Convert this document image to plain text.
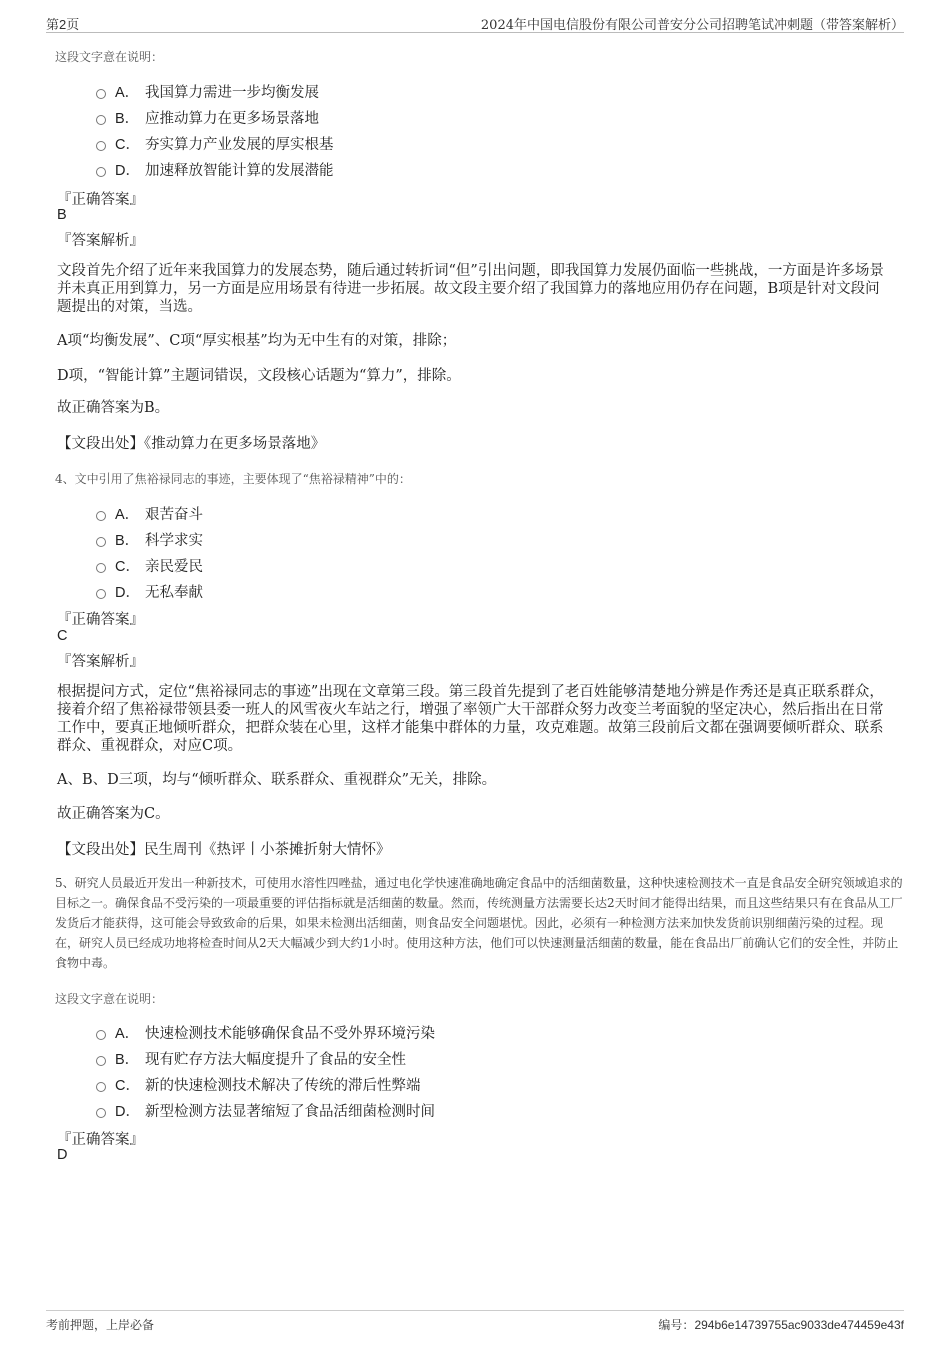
第2页	2024年中国电信股份有限公司普安分公司招聘笔试冲刺题（带答案解析）
这段文字意在说明：
A． 我国算力需进一步均衡发展
B． 应推动算力在更多场景落地
C． 夯实算力产业发展的厚实根基
D． 加速释放智能计算的发展潜能
『正确答案』
B
『答案解析』
文段首先介绍了近年来我国算力的发展态势，随后通过转折词“但”引出问题，即我国算力发展仍面临一些挑战，一方面是许多场景并未真正用到算力，另一方面是应用场景有待进一步拓展。故文段主要介绍了我国算力的落地应用仍存在问题，B项是针对文段问题提出的对策，当选。
A项“均衡发展”、C项“厚实根基”均为无中生有的对策，排除；
D项，“智能计算”主题词错误，文段核心话题为“算力”，排除。
故正确答案为B。
【文段出处】《推动算力在更多场景落地》
4、文中引用了焦裕禄同志的事迹，主要体现了“焦裕禄精神”中的：
A． 艰苦奋斗
B． 科学求实
C． 亲民爱民
D． 无私奉献
『正确答案』
C
『答案解析』
根据提问方式，定位“焦裕禄同志的事迹”出现在文章第三段。第三段首先提到了老百姓能够清楚地分辨是作秀还是真正联系群众，接着介绍了焦裕禄带领县委一班人的风雪夜火车站之行，增强了率领广大干部群众努力改变兰考面貌的坚定决心，然后指出在日常工作中，要真正地倾听群众，把群众装在心里，这样才能集中群体的力量，攻克难题。故第三段前后文都在强调要倾听群众、联系群众、重视群众，对应C项。
A、B、D三项，均与“倾听群众、联系群众、重视群众”无关，排除。
故正确答案为C。
【文段出处】民生周刊《热评丨小茶摊折射大情怀》
5、研究人员最近开发出一种新技术，可使用水溶性四唑盐，通过电化学快速准确地确定食品中的活细菌数量，这种快速检测技术一直是食品安全研究领域追求的目标之一。确保食品不受污染的一项最重要的评估指标就是活细菌的数量。然而，传统测量方法需要长达2天时间才能得出结果，而且这些结果只有在食品从工厂发货后才能获得，这可能会导致致命的后果，如果未检测出活细菌，则食品安全问题堪忧。因此，必须有一种检测方法来加快发货前识别细菌污染的过程。现在，研究人员已经成功地将检查时间从2天大幅减少到大约1小时。使用这种方法，他们可以快速测量活细菌的数量，能在食品出厂前确认它们的安全性，并防止食物中毒。
这段文字意在说明：
A． 快速检测技术能够确保食品不受外界环境污染
B． 现有贮存方法大幅度提升了食品的安全性
C． 新的快速检测技术解决了传统的滞后性弊端
D． 新型检测方法显著缩短了食品活细菌检测时间
『正确答案』
D
考前押题，上岸必备	编号：294b6e14739755ac9033de474459e43f
